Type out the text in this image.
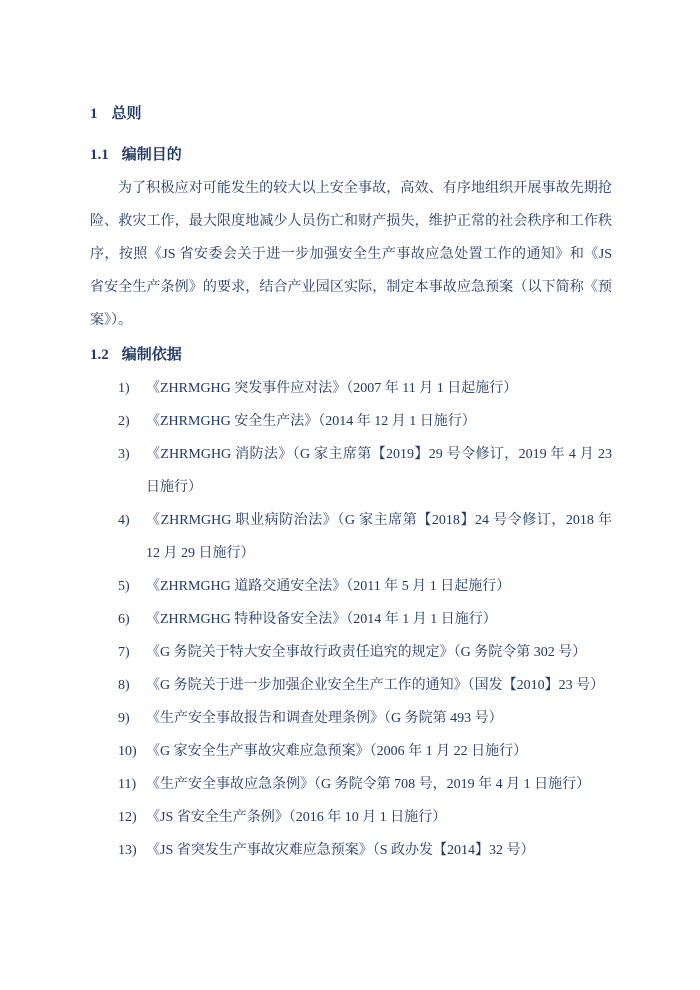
1 总则

1.1 编制目的

为了积极应对可能发生的较大以上安全事故，高效、有序地组织开展事故先期抢险、救灾工作，最大限度地减少人员伤亡和财产损失，维护正常的社会秩序和工作秩序，按照《JS 省安委会关于进一步加强安全生产事故应急处置工作的通知》和《JS 省安全生产条例》的要求，结合产业园区实际，制定本事故应急预案（以下简称《预案》）。

1.2 编制依据

1)	《ZHRMGHG 突发事件应对法》（2007 年 11 月 1 日起施行）
2)	《ZHRMGHG 安全生产法》（2014 年 12 月 1 日施行）
3)	《ZHRMGHG 消防法》（G 家主席第【2019】29 号令修订，2019 年 4 月 23 日施行）
4)	《ZHRMGHG 职业病防治法》（G 家主席第【2018】24 号令修订，2018 年 12 月 29 日施行）
5)	《ZHRMGHG 道路交通安全法》（2011 年 5 月 1 日起施行）
6)	《ZHRMGHG 特种设备安全法》（2014 年 1 月 1 日施行）
7)	《G 务院关于特大安全事故行政责任追究的规定》（G 务院令第 302 号）
8)	《G 务院关于进一步加强企业安全生产工作的通知》（国发【2010】23 号）
9)	《生产安全事故报告和调查处理条例》（G 务院第 493 号）
10) 《G 家安全生产事故灾难应急预案》（2006 年 1 月 22 日施行）
11) 《生产安全事故应急条例》（G 务院令第 708 号，2019 年 4 月 1 日施行）
12) 《JS 省安全生产条例》（2016 年 10 月 1 日施行）
13) 《JS 省突发生产事故灾难应急预案》（S 政办发【2014】32 号）
